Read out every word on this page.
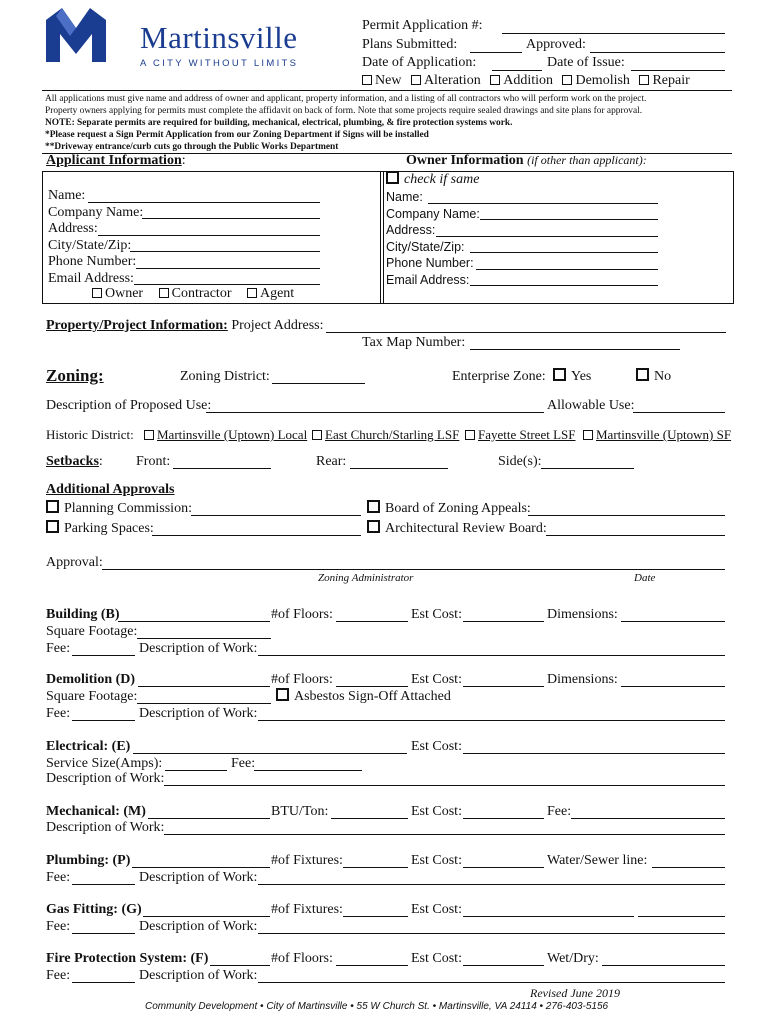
Martinsville
A CITY WITHOUT LIMITS
Permit Application #:
Plans Submitted:	Approved:
Date of Application:	Date of Issue:
New Alteration Addition Demolish Repair
All applications must give name and address of owner and applicant, property information, and a listing of all contractors who will perform work on the project.
Property owners applying for permits must complete the affidavit on back of form. Note that some projects require sealed drawings and site plans for approval.
NOTE: Separate permits are required for building, mechanical, electrical, plumbing, & fire protection systems work.
*Please request a Sign Permit Application from our Zoning Department if Signs will be installed
**Driveway entrance/curb cuts go through the Public Works Department
Applicant Information:	Owner Information (if other than applicant):
Name:
Company Name:
Address:
City/State/Zip:
Phone Number:
Email Address:
Owner Contractor Agent
check if same
Name:
Company Name:
Address:
City/State/Zip:
Phone Number:
Email Address:
Property/Project Information: Project Address:
Tax Map Number:
Zoning:	Zoning District:	Enterprise Zone:	Yes	No
Description of Proposed Use:	Allowable Use:
Historic District:	Martinsville (Uptown) Local	East Church/Starling LSF	Fayette Street LSF	Martinsville (Uptown) SF
Setbacks: Front:	Rear:	Side(s):
Additional Approvals
Planning Commission:	Board of Zoning Appeals:
Parking Spaces:	Architectural Review Board:
Approval:
Zoning Administrator	Date
Building (B)	#of Floors:	Est Cost:	Dimensions:
Square Footage:
Fee:	Description of Work:
Demolition (D)	#of Floors:	Est Cost:	Dimensions:
Square Footage:	Asbestos Sign-Off Attached
Fee:	Description of Work:
Electrical: (E)	Est Cost:
Service Size(Amps):	Fee:
Description of Work:
Mechanical: (M)	BTU/Ton:	Est Cost:	Fee:
Description of Work:
Plumbing: (P)	#of Fixtures:	Est Cost:	Water/Sewer line:
Fee:	Description of Work:
Gas Fitting: (G)	#of Fixtures:	Est Cost:
Fee:	Description of Work:
Fire Protection System: (F)	#of Floors:	Est Cost:	Wet/Dry:
Fee:	Description of Work:
Revised June 2019
Community Development • City of Martinsville • 55 W Church St. • Martinsville, VA 24114 • 276-403-5156
